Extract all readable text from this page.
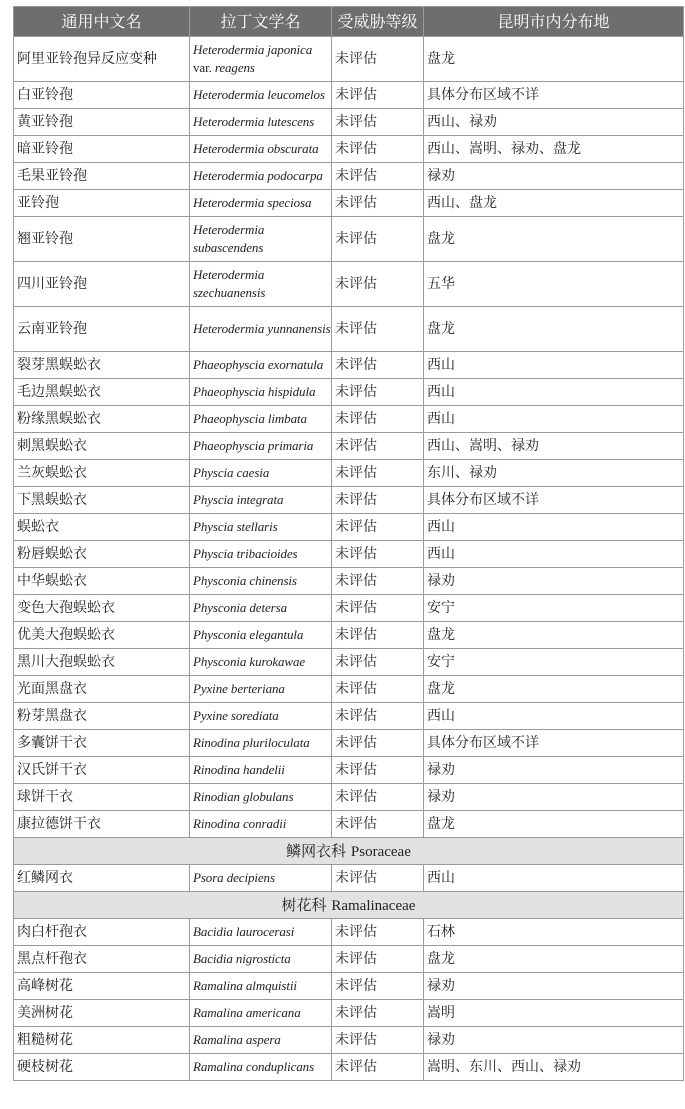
通用中文名	拉丁文学名	受威胁等级	昆明市内分布地
阿里亚铃孢异反应变种	Heterodermia japonica var. reagens	未评估	盘龙
白亚铃孢	Heterodermia leucomelos	未评估	具体分布区域不详
黄亚铃孢	Heterodermia lutescens	未评估	西山、禄劝
暗亚铃孢	Heterodermia obscurata	未评估	西山、嵩明、禄劝、盘龙
毛果亚铃孢	Heterodermia podocarpa	未评估	禄劝
亚铃孢	Heterodermia speciosa	未评估	西山、盘龙
翘亚铃孢	Heterodermia subascendens	未评估	盘龙
四川亚铃孢	Heterodermia szechuanensis	未评估	五华
云南亚铃孢	Heterodermia yunnanensis	未评估	盘龙
裂芽黑蜈蚣衣	Phaeophyscia exornatula	未评估	西山
毛边黑蜈蚣衣	Phaeophyscia hispidula	未评估	西山
粉缘黑蜈蚣衣	Phaeophyscia limbata	未评估	西山
刺黑蜈蚣衣	Phaeophyscia primaria	未评估	西山、嵩明、禄劝
兰灰蜈蚣衣	Physcia caesia	未评估	东川、禄劝
下黑蜈蚣衣	Physcia integrata	未评估	具体分布区域不详
蜈蚣衣	Physcia stellaris	未评估	西山
粉唇蜈蚣衣	Physcia tribacioides	未评估	西山
中华蜈蚣衣	Physconia chinensis	未评估	禄劝
变色大孢蜈蚣衣	Physconia detersa	未评估	安宁
优美大孢蜈蚣衣	Physconia elegantula	未评估	盘龙
黑川大孢蜈蚣衣	Physconia kurokawae	未评估	安宁
光面黑盘衣	Pyxine berteriana	未评估	盘龙
粉芽黑盘衣	Pyxine sorediata	未评估	西山
多囊饼干衣	Rinodina pluriloculata	未评估	具体分布区域不详
汉氏饼干衣	Rinodina handelii	未评估	禄劝
球饼干衣	Rinodian globulans	未评估	禄劝
康拉德饼干衣	Rinodina conradii	未评估	盘龙
鳞网衣科 Psoraceae			
红鳞网衣	Psora decipiens	未评估	西山
树花科 Ramalinaceae			
肉白杆孢衣	Bacidia laurocerasi	未评估	石林
黑点杆孢衣	Bacidia nigrosticta	未评估	盘龙
高峰树花	Ramalina almquistii	未评估	禄劝
美洲树花	Ramalina americana	未评估	嵩明
粗糙树花	Ramalina aspera	未评估	禄劝
硬枝树花	Ramalina conduplicans	未评估	嵩明、东川、西山、禄劝
